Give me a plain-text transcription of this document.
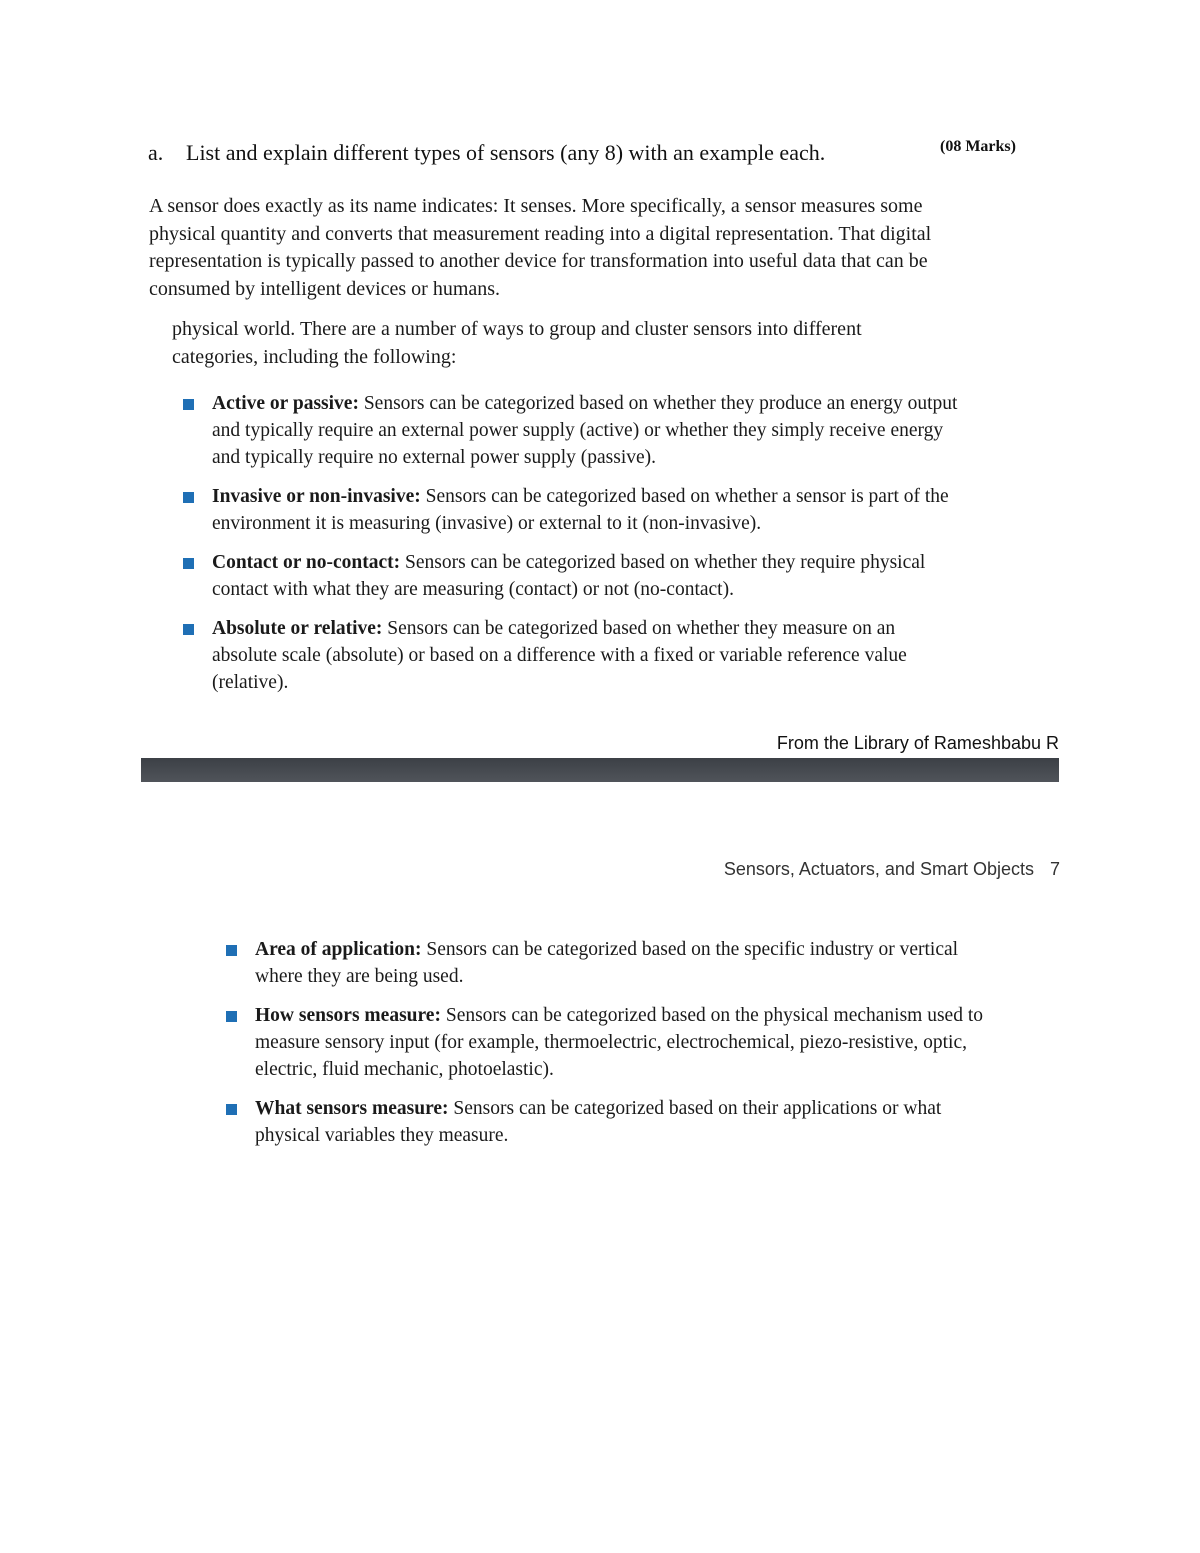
a. List and explain different types of sensors (any 8) with an example each.	(08 Marks)
A sensor does exactly as its name indicates: It senses. More specifically, a sensor measures some physical quantity and converts that measurement reading into a digital representation. That digital representation is typically passed to another device for transformation into useful data that can be consumed by intelligent devices or humans.
physical world. There are a number of ways to group and cluster sensors into different categories, including the following:
Active or passive: Sensors can be categorized based on whether they produce an energy output and typically require an external power supply (active) or whether they simply receive energy and typically require no external power supply (passive).
Invasive or non-invasive: Sensors can be categorized based on whether a sensor is part of the environment it is measuring (invasive) or external to it (non-invasive).
Contact or no-contact: Sensors can be categorized based on whether they require physical contact with what they are measuring (contact) or not (no-contact).
Absolute or relative: Sensors can be categorized based on whether they measure on an absolute scale (absolute) or based on a difference with a fixed or variable reference value (relative).
From the Library of Rameshbabu R
Sensors, Actuators, and Smart Objects 7
Area of application: Sensors can be categorized based on the specific industry or vertical where they are being used.
How sensors measure: Sensors can be categorized based on the physical mechanism used to measure sensory input (for example, thermoelectric, electrochemical, piezo-resistive, optic, electric, fluid mechanic, photoelastic).
What sensors measure: Sensors can be categorized based on their applications or what physical variables they measure.
